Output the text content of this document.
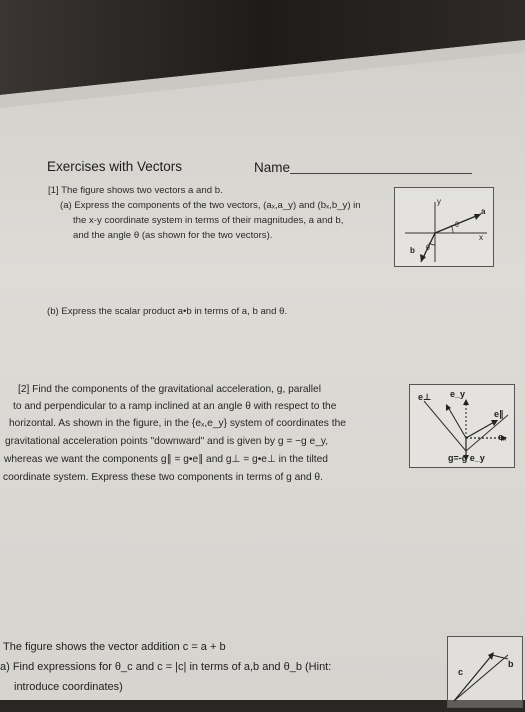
Exercises with Vectors	Name
[1] The figure shows two vectors a and b.
(a) Express the components of the two vectors, (aₓ,a_y) and (bₓ,b_y) in
the x-y coordinate system in terms of their magnitudes, a and b,
and the angle θ (as shown for the two vectors).
(b) Express the scalar product a•b in terms of a, b and θ.
y
x
a
b
θ
θ
[2] Find the components of the gravitational acceleration, g, parallel
to and perpendicular to a ramp inclined at an angle θ with respect to the
horizontal. As shown in the figure, in the {eₓ,e_y} system of coordinates the
gravitational acceleration points "downward" and is given by g = −g e_y,
whereas we want the components g∥ = g•e∥ and g⊥ = g•e⊥ in the tilted
coordinate system. Express these two components in terms of g and θ.
e⊥ e_y
e∥
eₓ
g=-g e_y
The figure shows the vector addition c = a + b
a) Find expressions for θ_c and c = |c| in terms of a,b and θ_b (Hint:
introduce coordinates)
c
b
